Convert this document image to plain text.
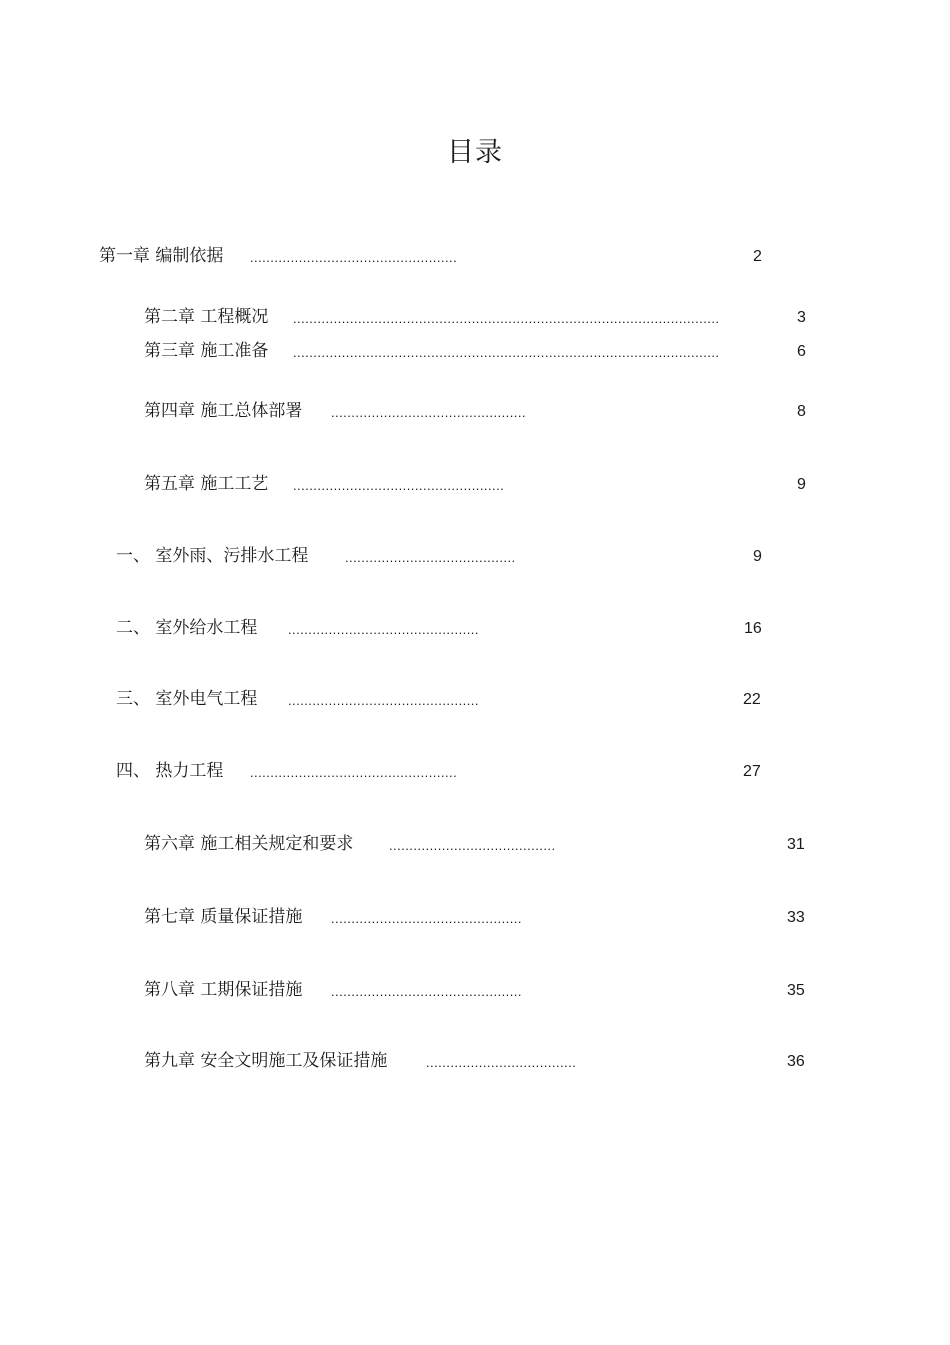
目录
第一章 编制依据 ...................................................	2
第二章 工程概况 .........................................................................................................	3
第三章 施工准备 .........................................................................................................	6
第四章 施工总体部署 ................................................	8
第五章 施工工艺 ....................................................	9
一、 室外雨、污排水工程	..........................................	9
二、 室外给水工程 ...............................................	16
三、 室外电气工程 ...............................................	22
四、 热力工程 ...................................................	27
第六章 施工相关规定和要求	.........................................	31
第七章 质量保证措施 ...............................................	33
第八章 工期保证措施 ...............................................	35
第九章 安全文明施工及保证措施	.....................................	36
